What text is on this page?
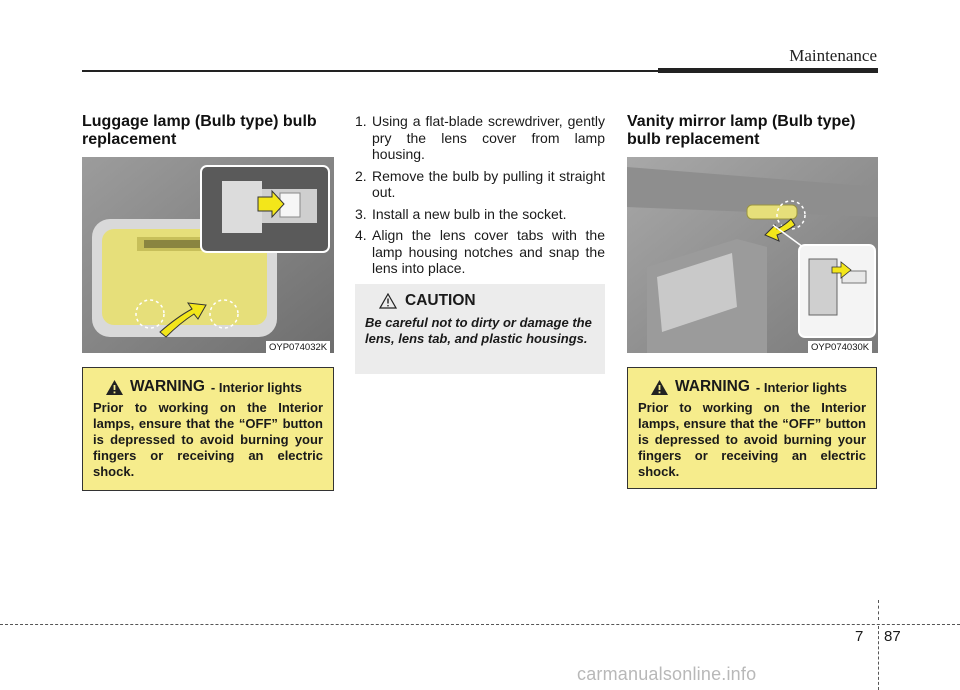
Maintenance
Luggage lamp (Bulb type) bulb
replacement
OYP074032K
WARNING - Interior lights
Prior to working on the Interior lamps, ensure that the “OFF” button is depressed to avoid burning your fingers or receiving an electric shock.
1. Using a flat-blade screwdriver, gently pry the lens cover from lamp housing.
2. Remove the bulb by pulling it straight out.
3. Install a new bulb in the socket.
4. Align the lens cover tabs with the lamp housing notches and snap the lens into place.
CAUTION
Be careful not to dirty or damage the lens, lens tab, and plastic housings.
Vanity mirror lamp (Bulb type)
bulb replacement
OYP074030K
WARNING - Interior lights
Prior to working on the Interior lamps, ensure that the “OFF” button is depressed to avoid burning your fingers or receiving an electric shock.
7 87
carmanualsonline.info
